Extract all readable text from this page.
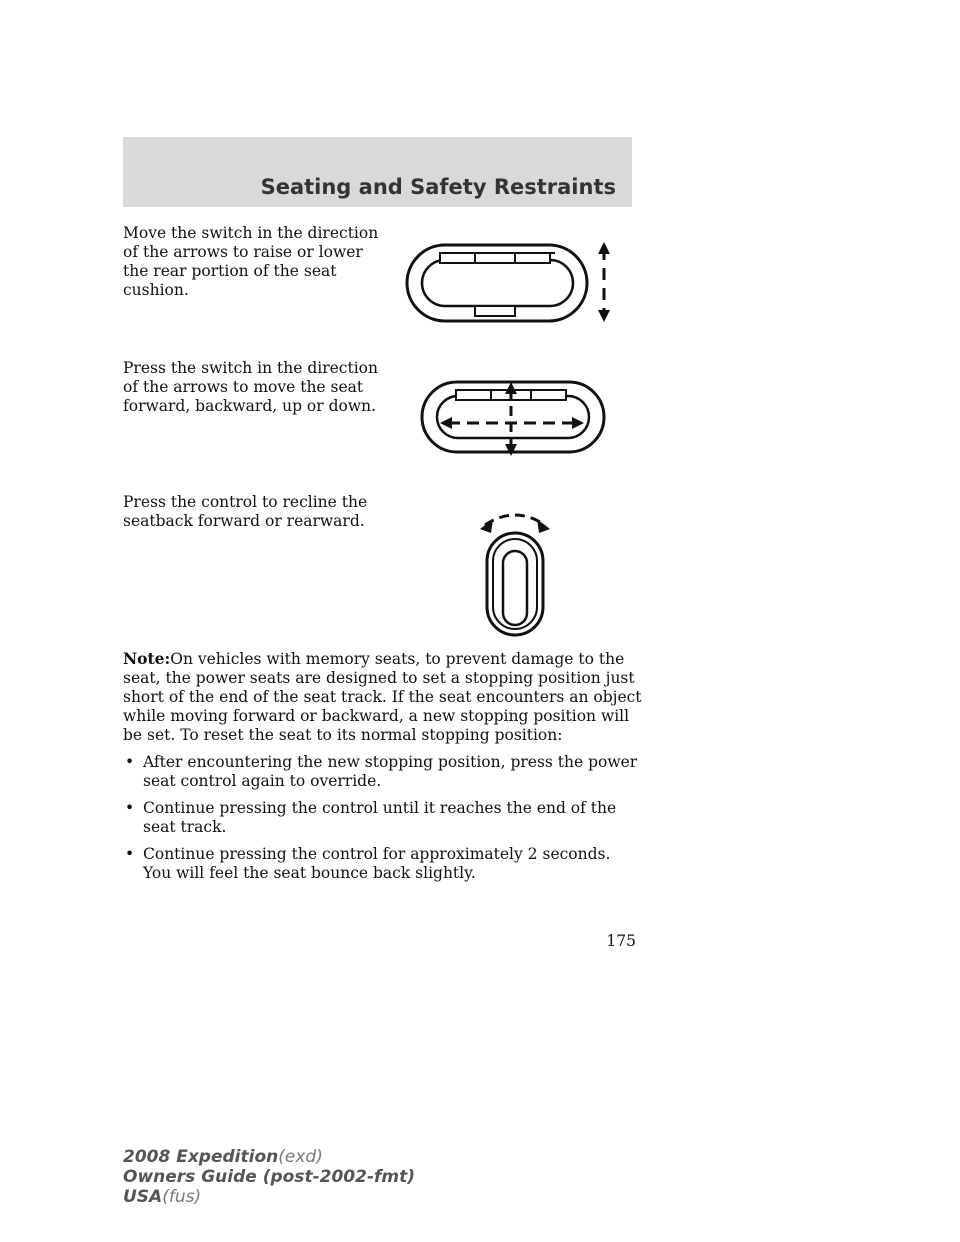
Seating and Safety Restraints

Move the switch in the direction of the arrows to raise or lower the rear portion of the seat cushion.

Press the switch in the direction of the arrows to move the seat forward, backward, up or down.

Press the control to recline the seatback forward or rearward.

Note:On vehicles with memory seats, to prevent damage to the seat, the power seats are designed to set a stopping position just short of the end of the seat track. If the seat encounters an object while moving forward or backward, a new stopping position will be set. To reset the seat to its normal stopping position:

• After encountering the new stopping position, press the power seat control again to override.
• Continue pressing the control until it reaches the end of the seat track.
• Continue pressing the control for approximately 2 seconds. You will feel the seat bounce back slightly.
175
2008 Expedition(exd)
Owners Guide (post-2002-fmt)
USA(fus)
